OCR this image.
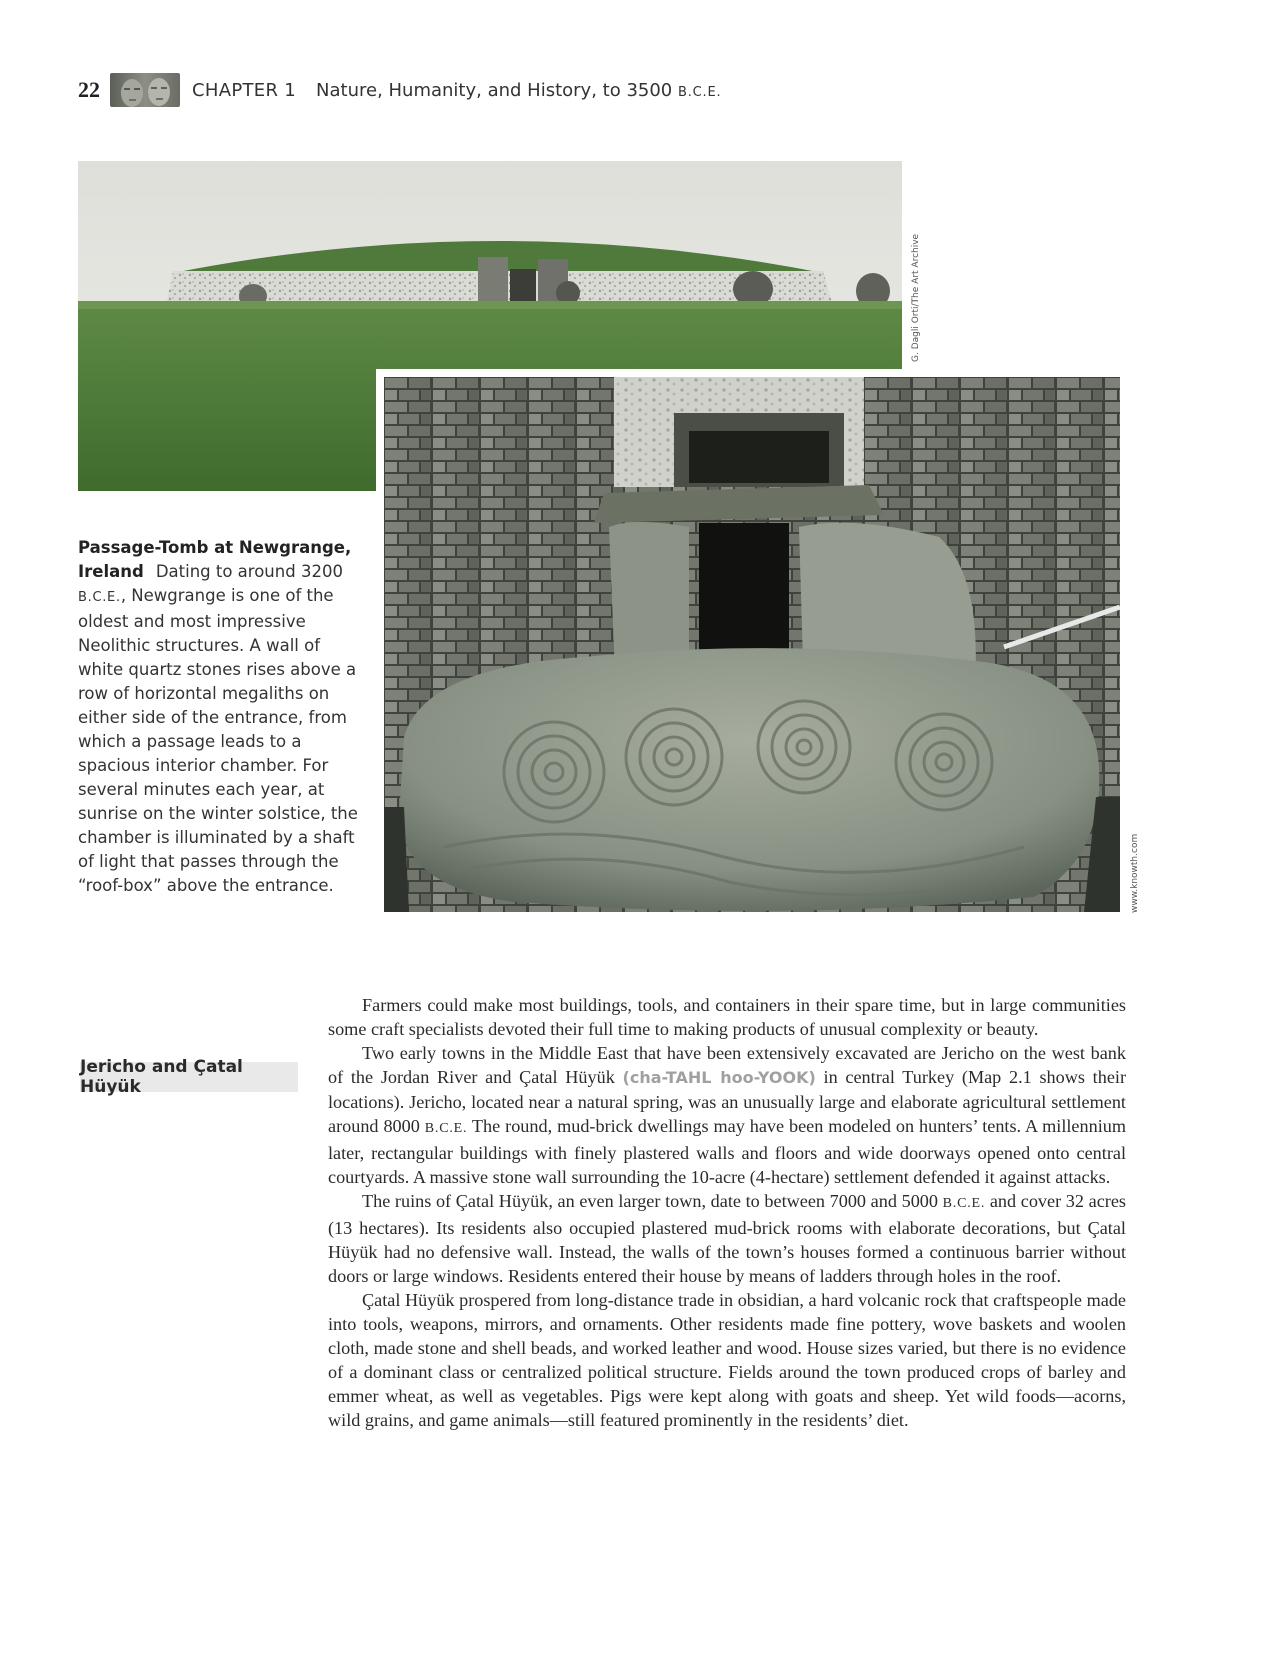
22	CHAPTER 1 Nature, Humanity, and History, to 3500 B.C.E.
G. Dagli Orti/The Art Archive
www.knowth.com
Passage-Tomb at Newgrange, Ireland Dating to around 3200 B.C.E., Newgrange is one of the oldest and most impressive Neolithic structures. A wall of white quartz stones rises above a row of horizontal megaliths on either side of the entrance, from which a passage leads to a spacious interior chamber. For several minutes each year, at sunrise on the winter solstice, the chamber is illuminated by a shaft of light that passes through the “roof-box” above the entrance.
Jericho and Çatal Hüyük

Farmers could make most buildings, tools, and containers in their spare time, but in large communities some craft specialists devoted their full time to making products of unusual complexity or beauty.

Two early towns in the Middle East that have been extensively excavated are Jericho on the west bank of the Jordan River and Çatal Hüyük (cha-TAHL hoo-YOOK) in central Turkey (Map 2.1 shows their locations). Jericho, located near a natural spring, was an unusually large and elaborate agricultural settlement around 8000 B.C.E. The round, mud-brick dwellings may have been modeled on hunters’ tents. A millennium later, rectangular buildings with finely plastered walls and floors and wide doorways opened onto central courtyards. A massive stone wall surrounding the 10-acre (4-hectare) settlement defended it against attacks.

The ruins of Çatal Hüyük, an even larger town, date to between 7000 and 5000 B.C.E. and cover 32 acres (13 hectares). Its residents also occupied plastered mud-brick rooms with elaborate decorations, but Çatal Hüyük had no defensive wall. Instead, the walls of the town’s houses formed a continuous barrier without doors or large windows. Residents entered their house by means of ladders through holes in the roof.

Çatal Hüyük prospered from long-distance trade in obsidian, a hard volcanic rock that craftspeople made into tools, weapons, mirrors, and ornaments. Other residents made fine pottery, wove baskets and woolen cloth, made stone and shell beads, and worked leather and wood. House sizes varied, but there is no evidence of a dominant class or centralized political structure. Fields around the town produced crops of barley and emmer wheat, as well as vegetables. Pigs were kept along with goats and sheep. Yet wild foods—acorns, wild grains, and game animals—still featured prominently in the residents’ diet.
